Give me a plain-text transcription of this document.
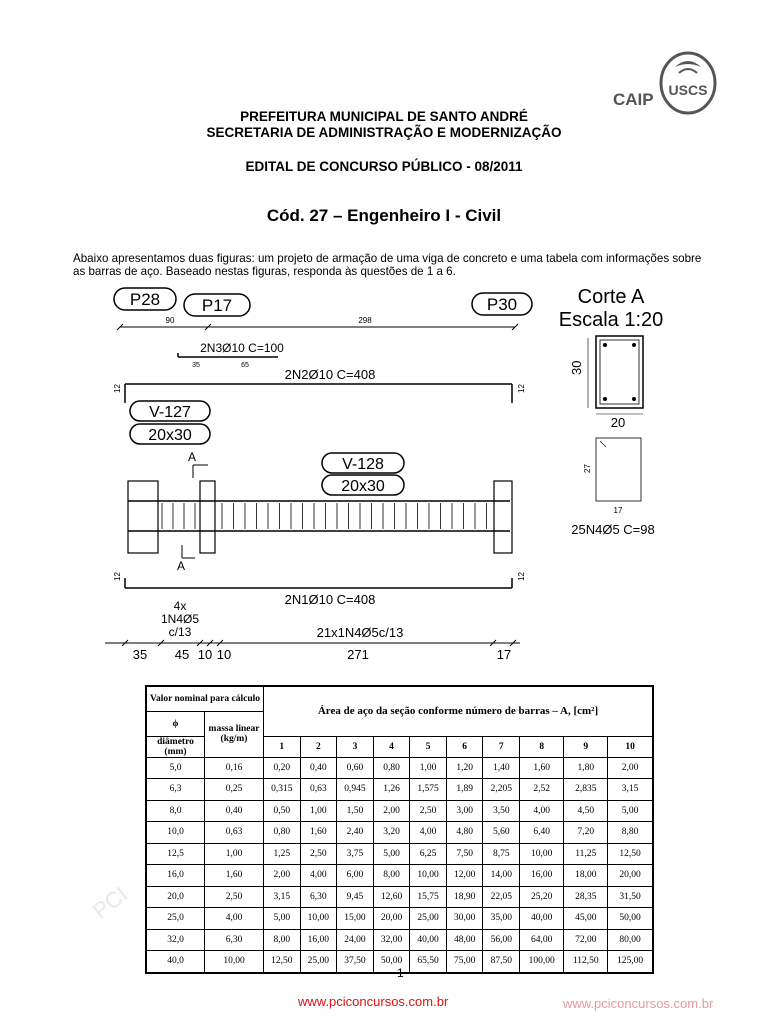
USCS
CAIP
PREFEITURA MUNICIPAL DE SANTO ANDRÉ
SECRETARIA DE ADMINISTRAÇÃO E MODERNIZAÇÃO
EDITAL DE CONCURSO PÚBLICO - 08/2011
Cód. 27 – Engenheiro I - Civil
Abaixo apresentamos duas figuras: um projeto de armação de uma viga de concreto e uma tabela com informações sobre as barras de aço. Baseado nestas figuras, responda às questões de 1 a 6.
P28 P17	P30
90	298
2N3Ø10 C=100
35	65
2N2Ø10 C=408
12	12
V-127
20x30
A	V-128
20x30
A
12	12
2N1Ø10 C=408
4x
1N4Ø5
c/13	21x1N4Ø5c/13
35 45 10 10	271	17
Corte A
Escala 1:20
30
20
27
17
25N4Ø5 C=98
PCI
Valor nominal para cálculo		Área de aço da seção conforme número de barras – A, [cm²]									
ϕ	massa linear (kg/m)										
diâmetro (mm)		1	2	3	4	5	6	7	8	9	10
5,0	0,16	0,20	0,40	0,60	0,80	1,00	1,20	1,40	1,60	1,80	2,00
6,3	0,25	0,315	0,63	0,945	1,26	1,575	1,89	2,205	2,52	2,835	3,15
8,0	0,40	0,50	1,00	1,50	2,00	2,50	3,00	3,50	4,00	4,50	5,00
10,0	0,63	0,80	1,60	2,40	3,20	4,00	4,80	5,60	6,40	7,20	8,80
12,5	1,00	1,25	2,50	3,75	5,00	6,25	7,50	8,75	10,00	11,25	12,50
16,0	1,60	2,00	4,00	6,00	8,00	10,00	12,00	14,00	16,00	18,00	20,00
20,0	2,50	3,15	6,30	9,45	12,60	15,75	18,90	22,05	25,20	28,35	31,50
25,0	4,00	5,00	10,00	15,00	20,00	25,00	30,00	35,00	40,00	45,00	50,00
32,0	6,30	8,00	16,00	24,00	32,00	40,00	48,00	56,00	64,00	72,00	80,00
40,0	10,00	12,50	25,00	37,50	50,00	65,50	75,00	87,50	100,00	112,50	125,00
1
www.pciconcursos.com.br	www.pciconcursos.com.br
